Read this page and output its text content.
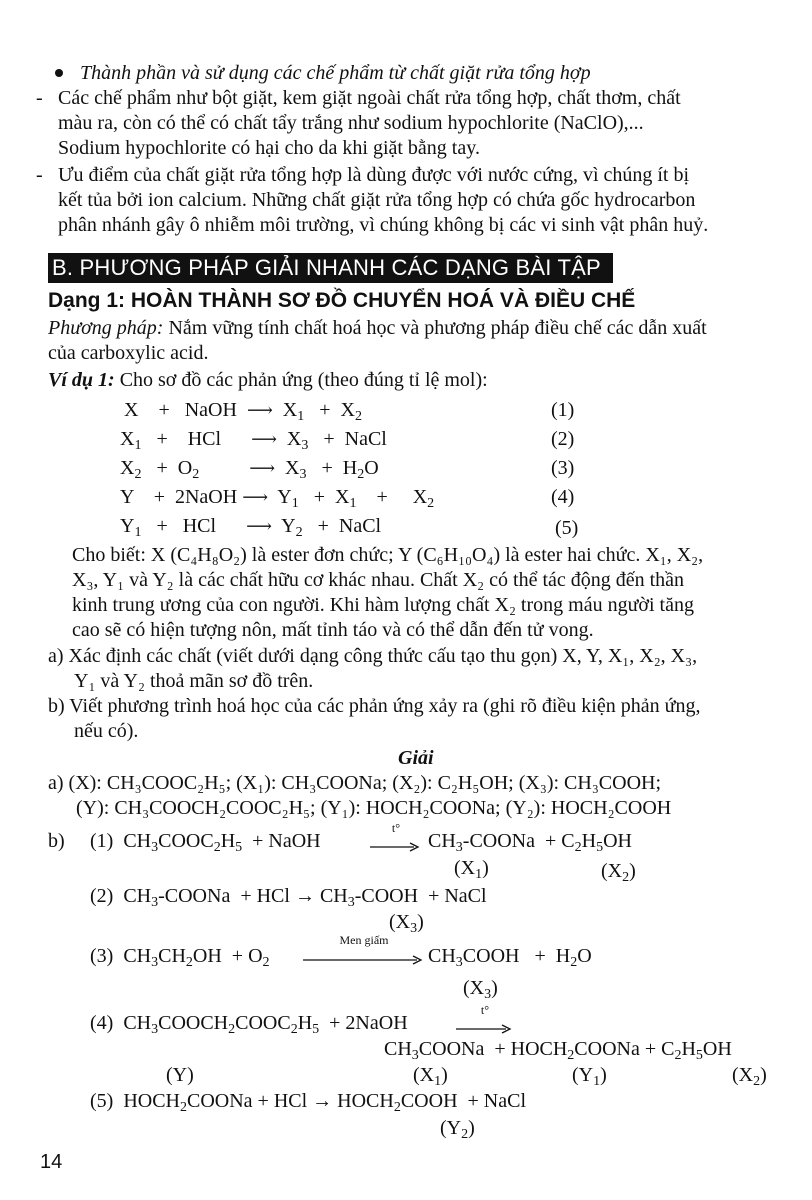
Thành phần và sử dụng các chế phẩm từ chất giặt rửa tổng hợp
- Các chế phẩm như bột giặt, kem giặt ngoài chất rửa tổng hợp, chất thơm, chất
màu ra, còn có thể có chất tẩy trắng như sodium hypochlorite (NaClO),...
Sodium hypochlorite có hại cho da khi giặt bằng tay.
- Ưu điểm của chất giặt rửa tổng hợp là dùng được với nước cứng, vì chúng ít bị
kết tủa bởi ion calcium. Những chất giặt rửa tổng hợp có chứa gốc hydrocarbon
phân nhánh gây ô nhiễm môi trường, vì chúng không bị các vi sinh vật phân huỷ.
B. PHƯƠNG PHÁP GIẢI NHANH CÁC DẠNG BÀI TẬP
Dạng 1: HOÀN THÀNH SƠ ĐỒ CHUYỂN HOÁ VÀ ĐIỀU CHẾ
Phương pháp: Nắm vững tính chất hoá học và phương pháp điều chế các dẫn xuất
của carboxylic acid.
Ví dụ 1: Cho sơ đồ các phản ứng (theo đúng tỉ lệ mol):
X    +   NaOH  ⟶  $X_1 + X_2$	(1)
$X_1$   +    HCl      ⟶  $X_3$   +  NaCl	(2)
$X_2 + O_2$	⟶  $X_3 + H_2O$	(3)
Y    +  2NaOH ⟶  $Y_1 + X_1$    +     $X_2$	(4)
$Y_1$   +   HCl      ⟶  $Y_2$   +  NaCl	(5)
Cho biết: X (C₄H₈O₂) là ester đơn chức; Y (C₆H₁₀O₄) là ester hai chức. X₁, X₂,
X₃, Y₁ và Y₂ là các chất hữu cơ khác nhau. Chất X₂ có thể tác động đến thần
kinh trung ương của con người. Khi hàm lượng chất X₂ trong máu người tăng
cao sẽ có hiện tượng nôn, mất tỉnh táo và có thể dẫn đến tử vong.
a) Xác định các chất (viết dưới dạng công thức cấu tạo thu gọn) X, Y, X₁, X₂, X₃,
Y₁ và Y₂ thoả mãn sơ đồ trên.
b) Viết phương trình hoá học của các phản ứng xảy ra (ghi rõ điều kiện phản ứng,
nếu có).
Giải
a) (X): CH₃COOC₂H₅; (X₁): CH₃COONa; (X₂): C₂H₅OH; (X₃): CH₃COOH;
(Y): CH₃COOCH₂COOC₂H₅; (Y₁): HOCH₂COONa; (Y₂): HOCH₂COOH
b) (1)  $CH_3COOC_2H_5$  + NaOH
t°
$CH_3$-COONa  + $C_2H_5OH$
$(X_1)$	$(X_2)$
(2)  $CH_3$-COONa  + HCl → $CH_3$-COOH  + NaCl
$(X_3)$
(3)  $CH_3CH_2OH + O_2$
Men giấm
$CH_3COOH + H_2O$
$(X_3)$
(4)  $CH_3COOCH_2COOC_2H_5$  + 2NaOH
t°
$CH_3COONa$  + $HOCH_2COONa + C_2H_5OH$
(Y)	$(X_1)$	$(Y_1)$	$(X_2)$
(5)  $HOCH_2COONa$ + HCl → $HOCH_2COOH$  + NaCl
$(Y_2)$
14
